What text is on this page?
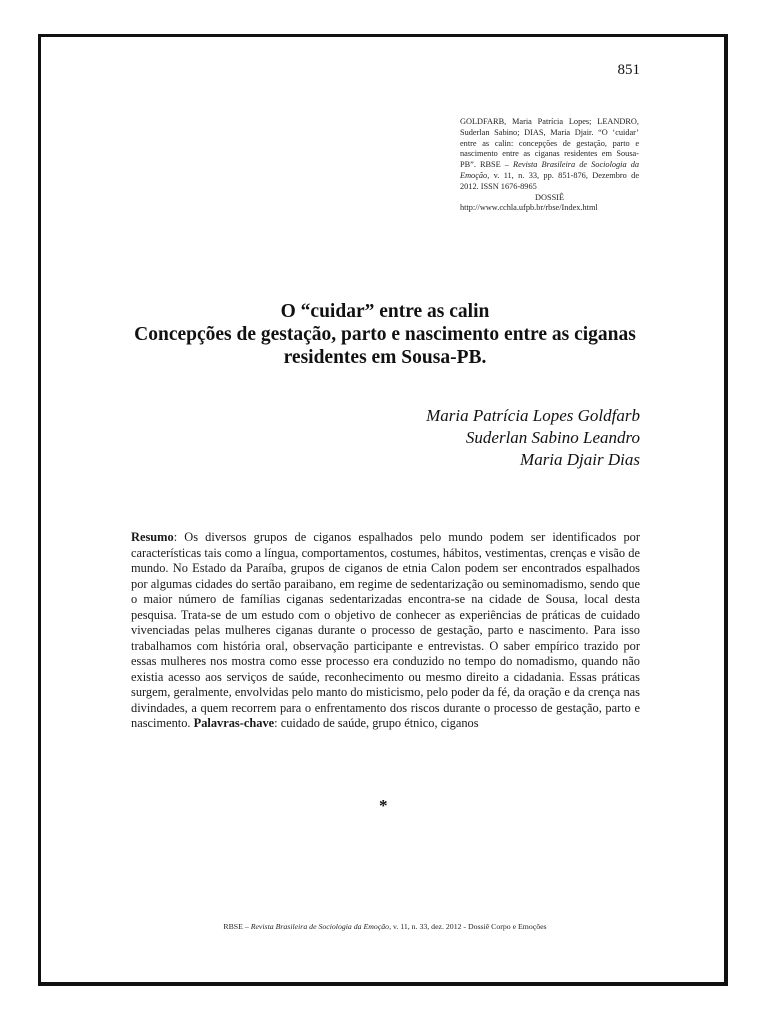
851
GOLDFARB, Maria Patrícia Lopes; LEANDRO, Suderlan Sabino; DIAS, Maria Djair. “O ‘cuidar’ entre as calin: concepções de gestação, parto e nascimento entre as ciganas residentes em Sousa-PB”. RBSE – Revista Brasileira de Sociologia da Emoção, v. 11, n. 33, pp. 851-876, Dezembro de 2012. ISSN 1676-8965
DOSSIÊ
http://www.cchla.ufpb.br/rbse/Index.html
O “cuidar” entre as calin
Concepções de gestação, parto e nascimento entre as ciganas residentes em Sousa-PB.
Maria Patrícia Lopes Goldfarb
Suderlan Sabino Leandro
Maria Djair Dias
Resumo: Os diversos grupos de ciganos espalhados pelo mundo podem ser identificados por características tais como a língua, comportamentos, costumes, hábitos, vestimentas, crenças e visão de mundo. No Estado da Paraíba, grupos de ciganos de etnia Calon podem ser encontrados espalhados por algumas cidades do sertão paraibano, em regime de sedentarização ou seminomadismo, sendo que o maior número de famílias ciganas sedentarizadas encontra-se na cidade de Sousa, local desta pesquisa. Trata-se de um estudo com o objetivo de conhecer as experiências de práticas de cuidado vivenciadas pelas mulheres ciganas durante o processo de gestação, parto e nascimento. Para isso trabalhamos com história oral, observação participante e entrevistas. O saber empírico trazido por essas mulheres nos mostra como esse processo era conduzido no tempo do nomadismo, quando não existia acesso aos serviços de saúde, reconhecimento ou mesmo direito a cidadania. Essas práticas surgem, geralmente, envolvidas pelo manto do misticismo, pelo poder da fé, da oração e da crença nas divindades, a quem recorrem para o enfrentamento dos riscos durante o processo de gestação, parto e nascimento. Palavras-chave: cuidado de saúde, grupo étnico, ciganos
*
RBSE – Revista Brasileira de Sociologia da Emoção, v. 11, n. 33, dez. 2012 - Dossiê Corpo e Emoções
